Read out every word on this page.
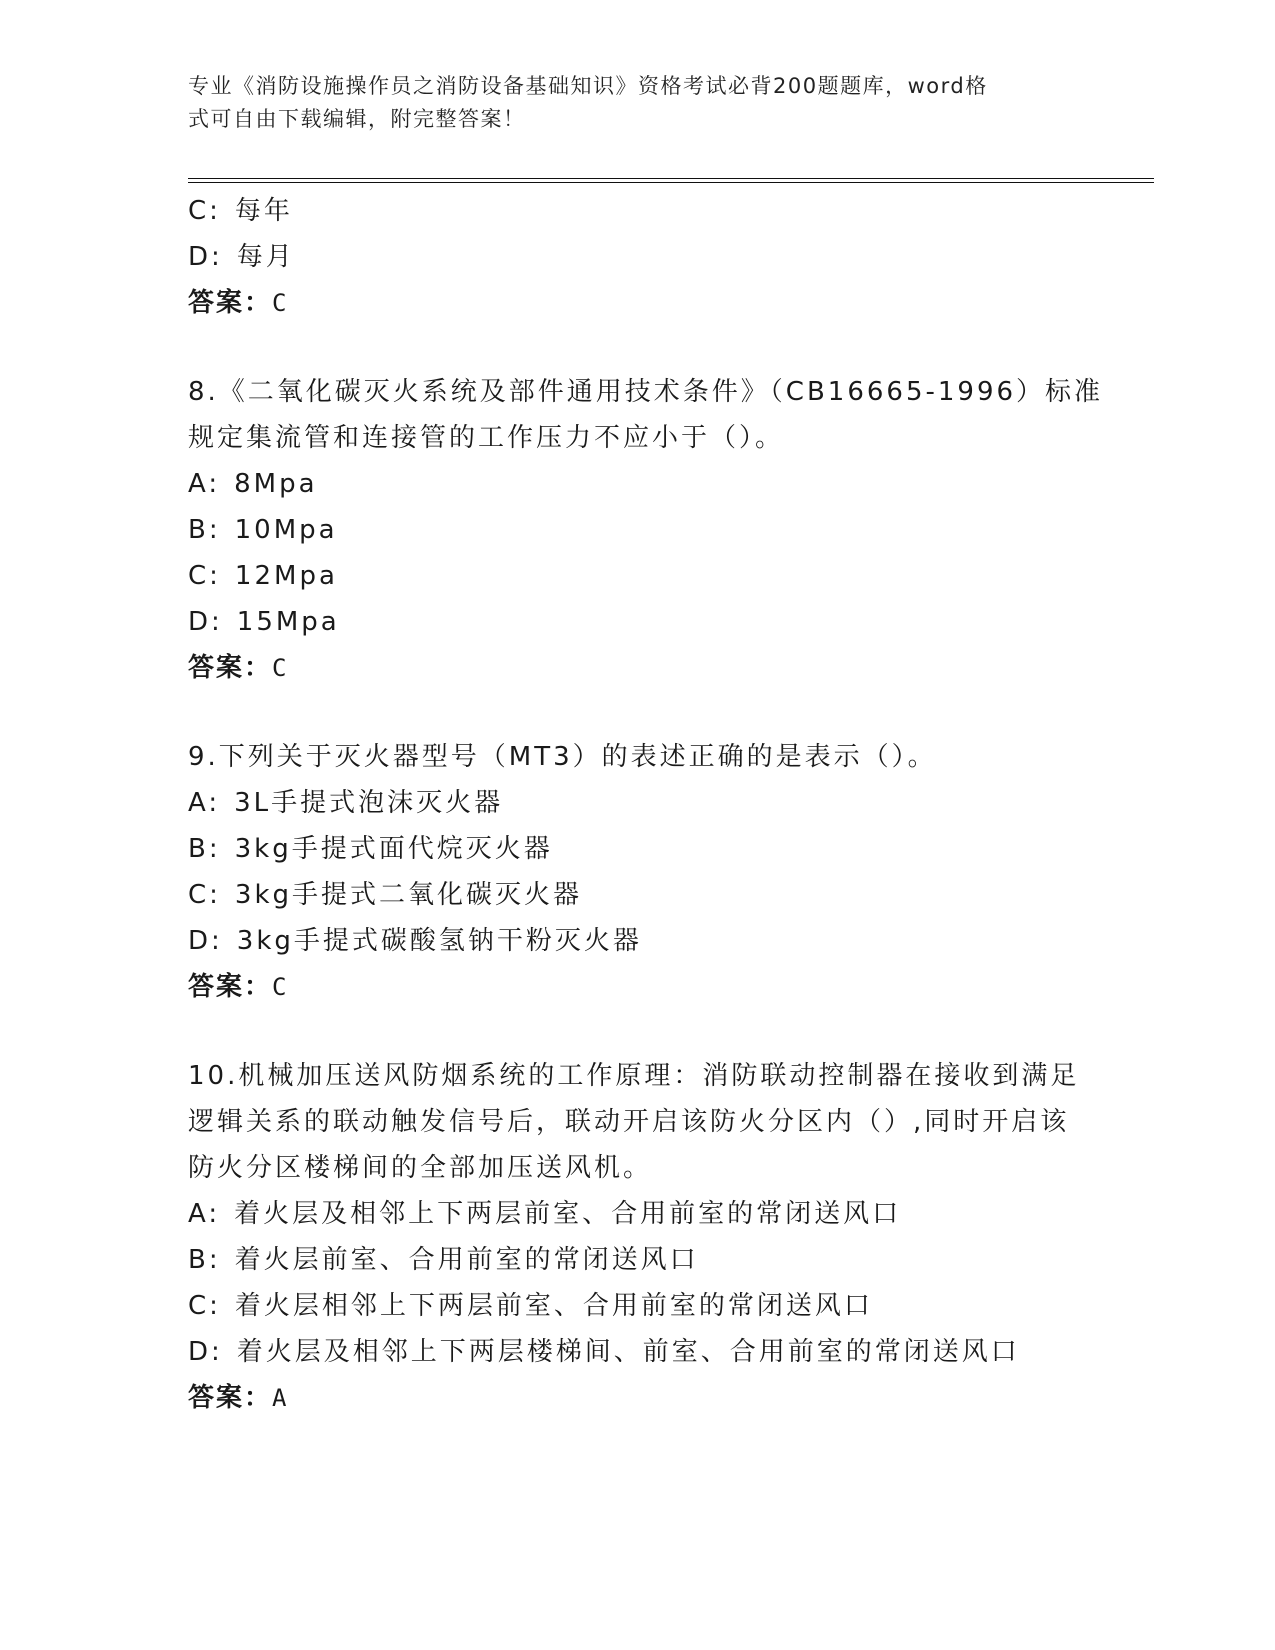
专业《消防设施操作员之消防设备基础知识》资格考试必背200题题库，word格
式可自由下载编辑，附完整答案！
C: 每年
D: 每月
答案：C
8.《二氧化碳灭火系统及部件通用技术条件》（CB16665-1996）标准
规定集流管和连接管的工作压力不应小于（）。
A: 8Mpa
B: 10Mpa
C: 12Mpa
D: 15Mpa
答案：C
9.下列关于灭火器型号（MT3）的表述正确的是表示（）。
A: 3L手提式泡沫灭火器
B: 3kg手提式面代烷灭火器
C: 3kg手提式二氧化碳灭火器
D: 3kg手提式碳酸氢钠干粉灭火器
答案：C
10.机械加压送风防烟系统的工作原理：消防联动控制器在接收到满足
逻辑关系的联动触发信号后，联动开启该防火分区内（）,同时开启该
防火分区楼梯间的全部加压送风机。
A: 着火层及相邻上下两层前室、合用前室的常闭送风口
B: 着火层前室、合用前室的常闭送风口
C: 着火层相邻上下两层前室、合用前室的常闭送风口
D: 着火层及相邻上下两层楼梯间、前室、合用前室的常闭送风口
答案：A
